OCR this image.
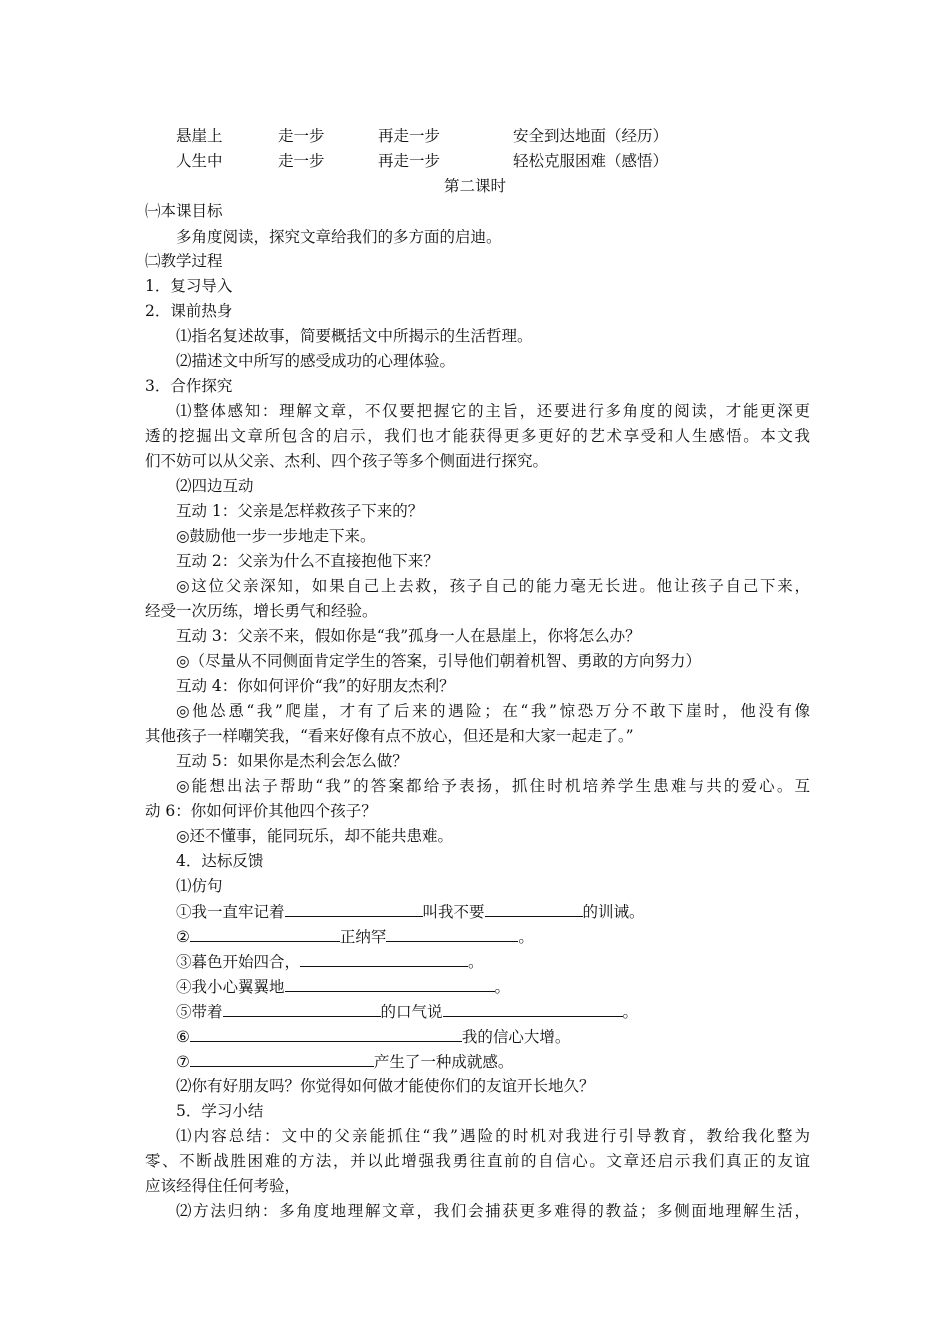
悬崖上	走一步	再走一步	安全到达地面（经历）
人生中	走一步	再走一步	轻松克服困难（感悟）
第二课时
㈠本课目标
多角度阅读，探究文章给我们的多方面的启迪。
㈡教学过程
1．复习导入
2．课前热身
⑴指名复述故事，简要概括文中所揭示的生活哲理。
⑵描述文中所写的感受成功的心理体验。
3．合作探究
⑴整体感知：理解文章，不仅要把握它的主旨，还要进行多角度的阅读，才能更深更
透的挖掘出文章所包含的启示，我们也才能获得更多更好的艺术享受和人生感悟。本文我
们不妨可以从父亲、杰利、四个孩子等多个侧面进行探究。
⑵四边互动
互动 1：父亲是怎样救孩子下来的？
◎鼓励他一步一步地走下来。
互动 2：父亲为什么不直接抱他下来？
◎这位父亲深知，如果自己上去救，孩子自己的能力毫无长进。他让孩子自己下来，
经受一次历练，增长勇气和经验。
互动 3：父亲不来，假如你是“我”孤身一人在悬崖上，你将怎么办？
◎（尽量从不同侧面肯定学生的答案，引导他们朝着机智、勇敢的方向努力）
互动 4：你如何评价“我”的好朋友杰利？
◎他怂恿“我”爬崖，才有了后来的遇险；在“我”惊恐万分不敢下崖时，他没有像
其他孩子一样嘲笑我，“看来好像有点不放心，但还是和大家一起走了。”
互动 5：如果你是杰利会怎么做？
◎能想出法子帮助“我”的答案都给予表扬，抓住时机培养学生患难与共的爱心。互
动 6：你如何评价其他四个孩子？
◎还不懂事，能同玩乐，却不能共患难。
4．达标反馈
⑴仿句
①我一直牢记着	叫我不要	的训诫。
②	正纳罕	。
③暮色开始四合，	。
④我小心翼翼地	。
⑤带着	的口气说	。
⑥	我的信心大增。
⑦	产生了一种成就感。
⑵你有好朋友吗？你觉得如何做才能使你们的友谊开长地久？
5．学习小结
⑴内容总结：文中的父亲能抓住“我”遇险的时机对我进行引导教育，教给我化整为
零、不断战胜困难的方法，并以此增强我勇往直前的自信心。文章还启示我们真正的友谊
应该经得住任何考验，
⑵方法归纳：多角度地理解文章，我们会捕获更多难得的教益；多侧面地理解生活，
